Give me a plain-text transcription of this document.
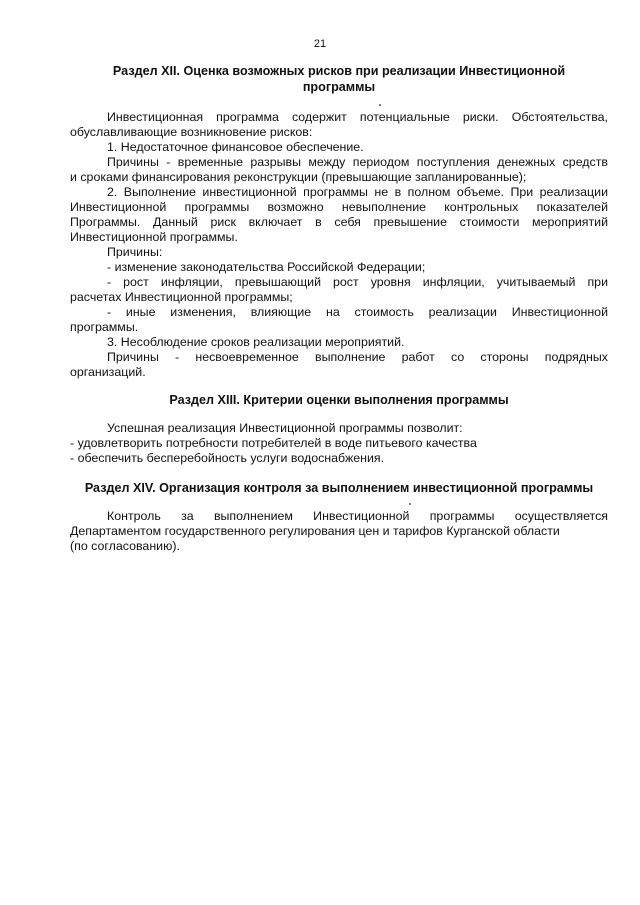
21
Раздел XII. Оценка возможных рисков при реализации Инвестиционной
программы
Инвестиционная программа содержит потенциальные риски. Обстоятельства,
обуславливающие возникновение рисков:
1. Недостаточное финансовое обеспечение.
Причины - временные разрывы между периодом поступления денежных средств
и сроками финансирования реконструкции (превышающие запланированные);
2. Выполнение инвестиционной программы не в полном объеме. При реализации
Инвестиционной программы возможно невыполнение контрольных показателей
Программы. Данный риск включает в себя превышение стоимости мероприятий
Инвестиционной программы.
Причины:
- изменение законодательства Российской Федерации;
- рост инфляции, превышающий рост уровня инфляции, учитываемый при
расчетах Инвестиционной программы;
- иные изменения, влияющие на стоимость реализации Инвестиционной
программы.
3. Несоблюдение сроков реализации мероприятий.
Причины - несвоевременное выполнение работ со стороны подрядных
организаций.
Раздел XIII. Критерии оценки выполнения программы
Успешная реализация Инвестиционной программы позволит:
- удовлетворить потребности потребителей в воде питьевого качества
- обеспечить бесперебойность услуги водоснабжения.
Раздел XIV. Организация контроля за выполнением инвестиционной программы
Контроль за выполнением Инвестиционной программы осуществляется
Департаментом государственного регулирования цен и тарифов Курганской области
(по согласованию).
